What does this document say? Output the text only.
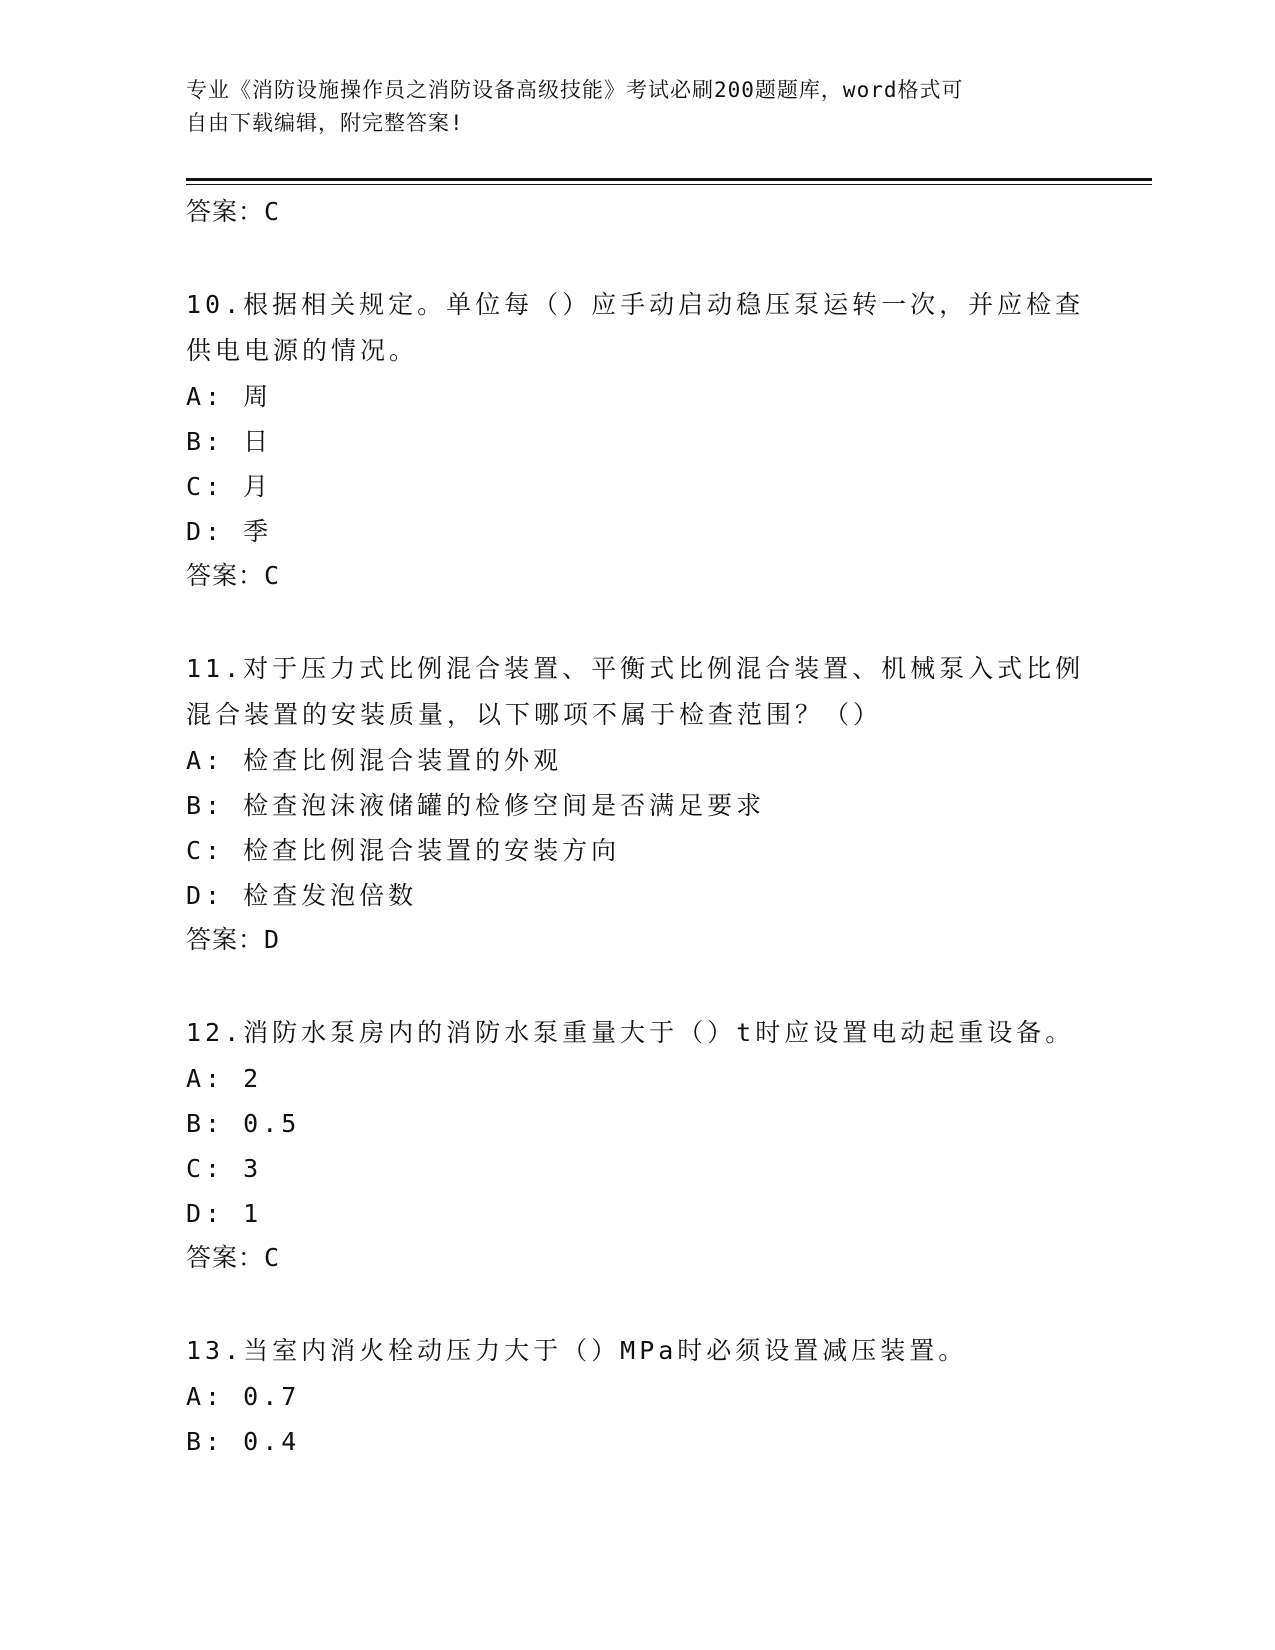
专业《消防设施操作员之消防设备高级技能》考试必刷200题题库，word格式可
自由下载编辑，附完整答案!
答案：C
10.根据相关规定。单位每（）应手动启动稳压泵运转一次，并应检查
供电电源的情况。
A: 周
B: 日
C: 月
D: 季
答案：C
11.对于压力式比例混合装置、平衡式比例混合装置、机械泵入式比例
混合装置的安装质量，以下哪项不属于检查范围？（）
A: 检查比例混合装置的外观
B: 检查泡沫液储罐的检修空间是否满足要求
C: 检查比例混合装置的安装方向
D: 检查发泡倍数
答案：D
12.消防水泵房内的消防水泵重量大于（）t时应设置电动起重设备。
A: 2
B: 0.5
C: 3
D: 1
答案：C
13.当室内消火栓动压力大于（）MPa时必须设置减压装置。
A: 0.7
B: 0.4
